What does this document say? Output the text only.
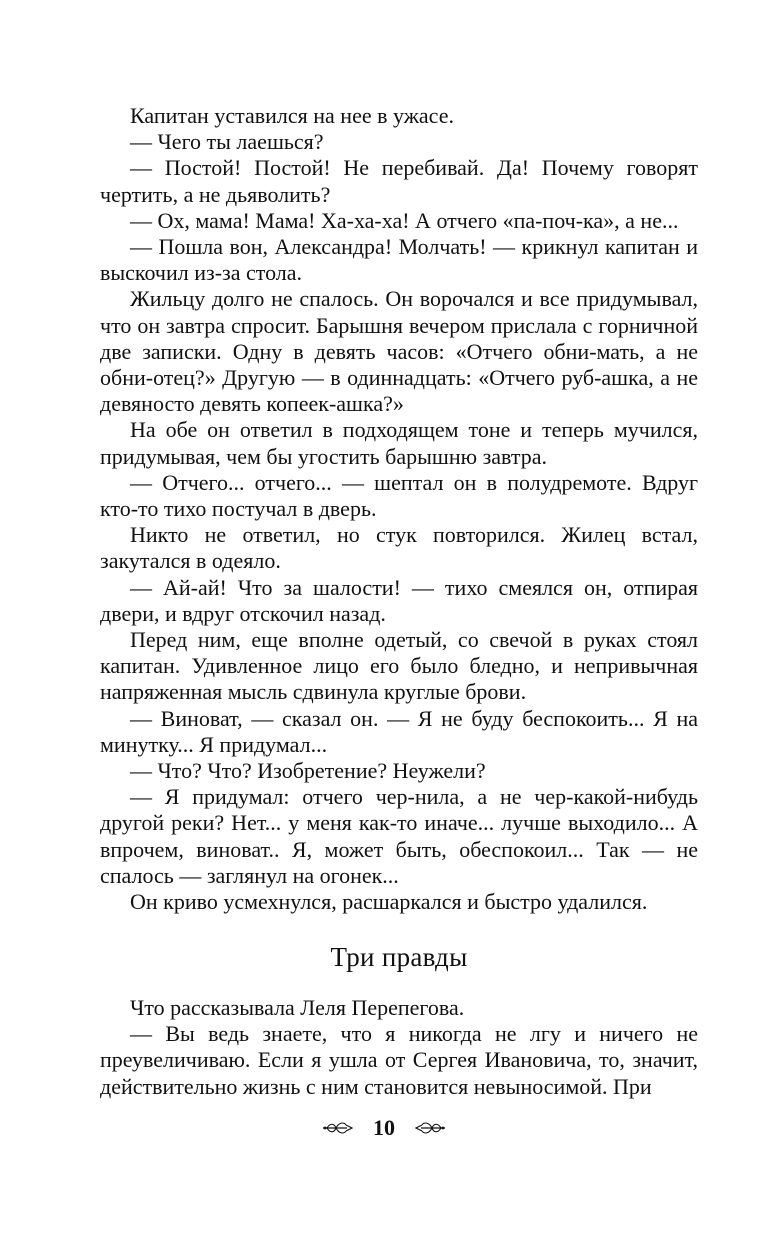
Капитан уставился на нее в ужасе.

— Чего ты лаешься?

— Постой! Постой! Не перебивай. Да! Почему говорят чертить, а не дьяволить?

— Ох, мама! Мама! Ха-ха-ха! А отчего «па-поч-ка», а не...

— Пошла вон, Александра! Молчать! — крикнул капитан и выскочил из-за стола.

Жильцу долго не спалось. Он ворочался и все придумывал, что он завтра спросит. Барышня вечером прислала с горничной две записки. Одну в девять часов: «Отчего обни-мать, а не обни-отец?» Другую — в одиннадцать: «Отчего руб-ашка, а не девяносто девять копеек-ашка?»

На обе он ответил в подходящем тоне и теперь мучился, придумывая, чем бы угостить барышню завтра.

— Отчего... отчего... — шептал он в полудремоте. Вдруг кто-то тихо постучал в дверь.

Никто не ответил, но стук повторился. Жилец встал, закутался в одеяло.

— Ай-ай! Что за шалости! — тихо смеялся он, отпирая двери, и вдруг отскочил назад.

Перед ним, еще вполне одетый, со свечой в руках стоял капитан. Удивленное лицо его было бледно, и непривычная напряженная мысль сдвинула круглые брови.

— Виноват, — сказал он. — Я не буду беспокоить... Я на минутку... Я придумал...

— Что? Что? Изобретение? Неужели?

— Я придумал: отчего чер-нила, а не чер-какой-нибудь другой реки? Нет... у меня как-то иначе... лучше выходило... А впрочем, виноват.. Я, может быть, обеспокоил... Так — не спалось — заглянул на огонек...

Он криво усмехнулся, расшаркался и быстро удалился.

Три правды

Что рассказывала Леля Перепегова.

— Вы ведь знаете, что я никогда не лгу и ничего не преувеличиваю. Если я ушла от Сергея Ивановича, то, значит, действительно жизнь с ним становится невыносимой. При

10
